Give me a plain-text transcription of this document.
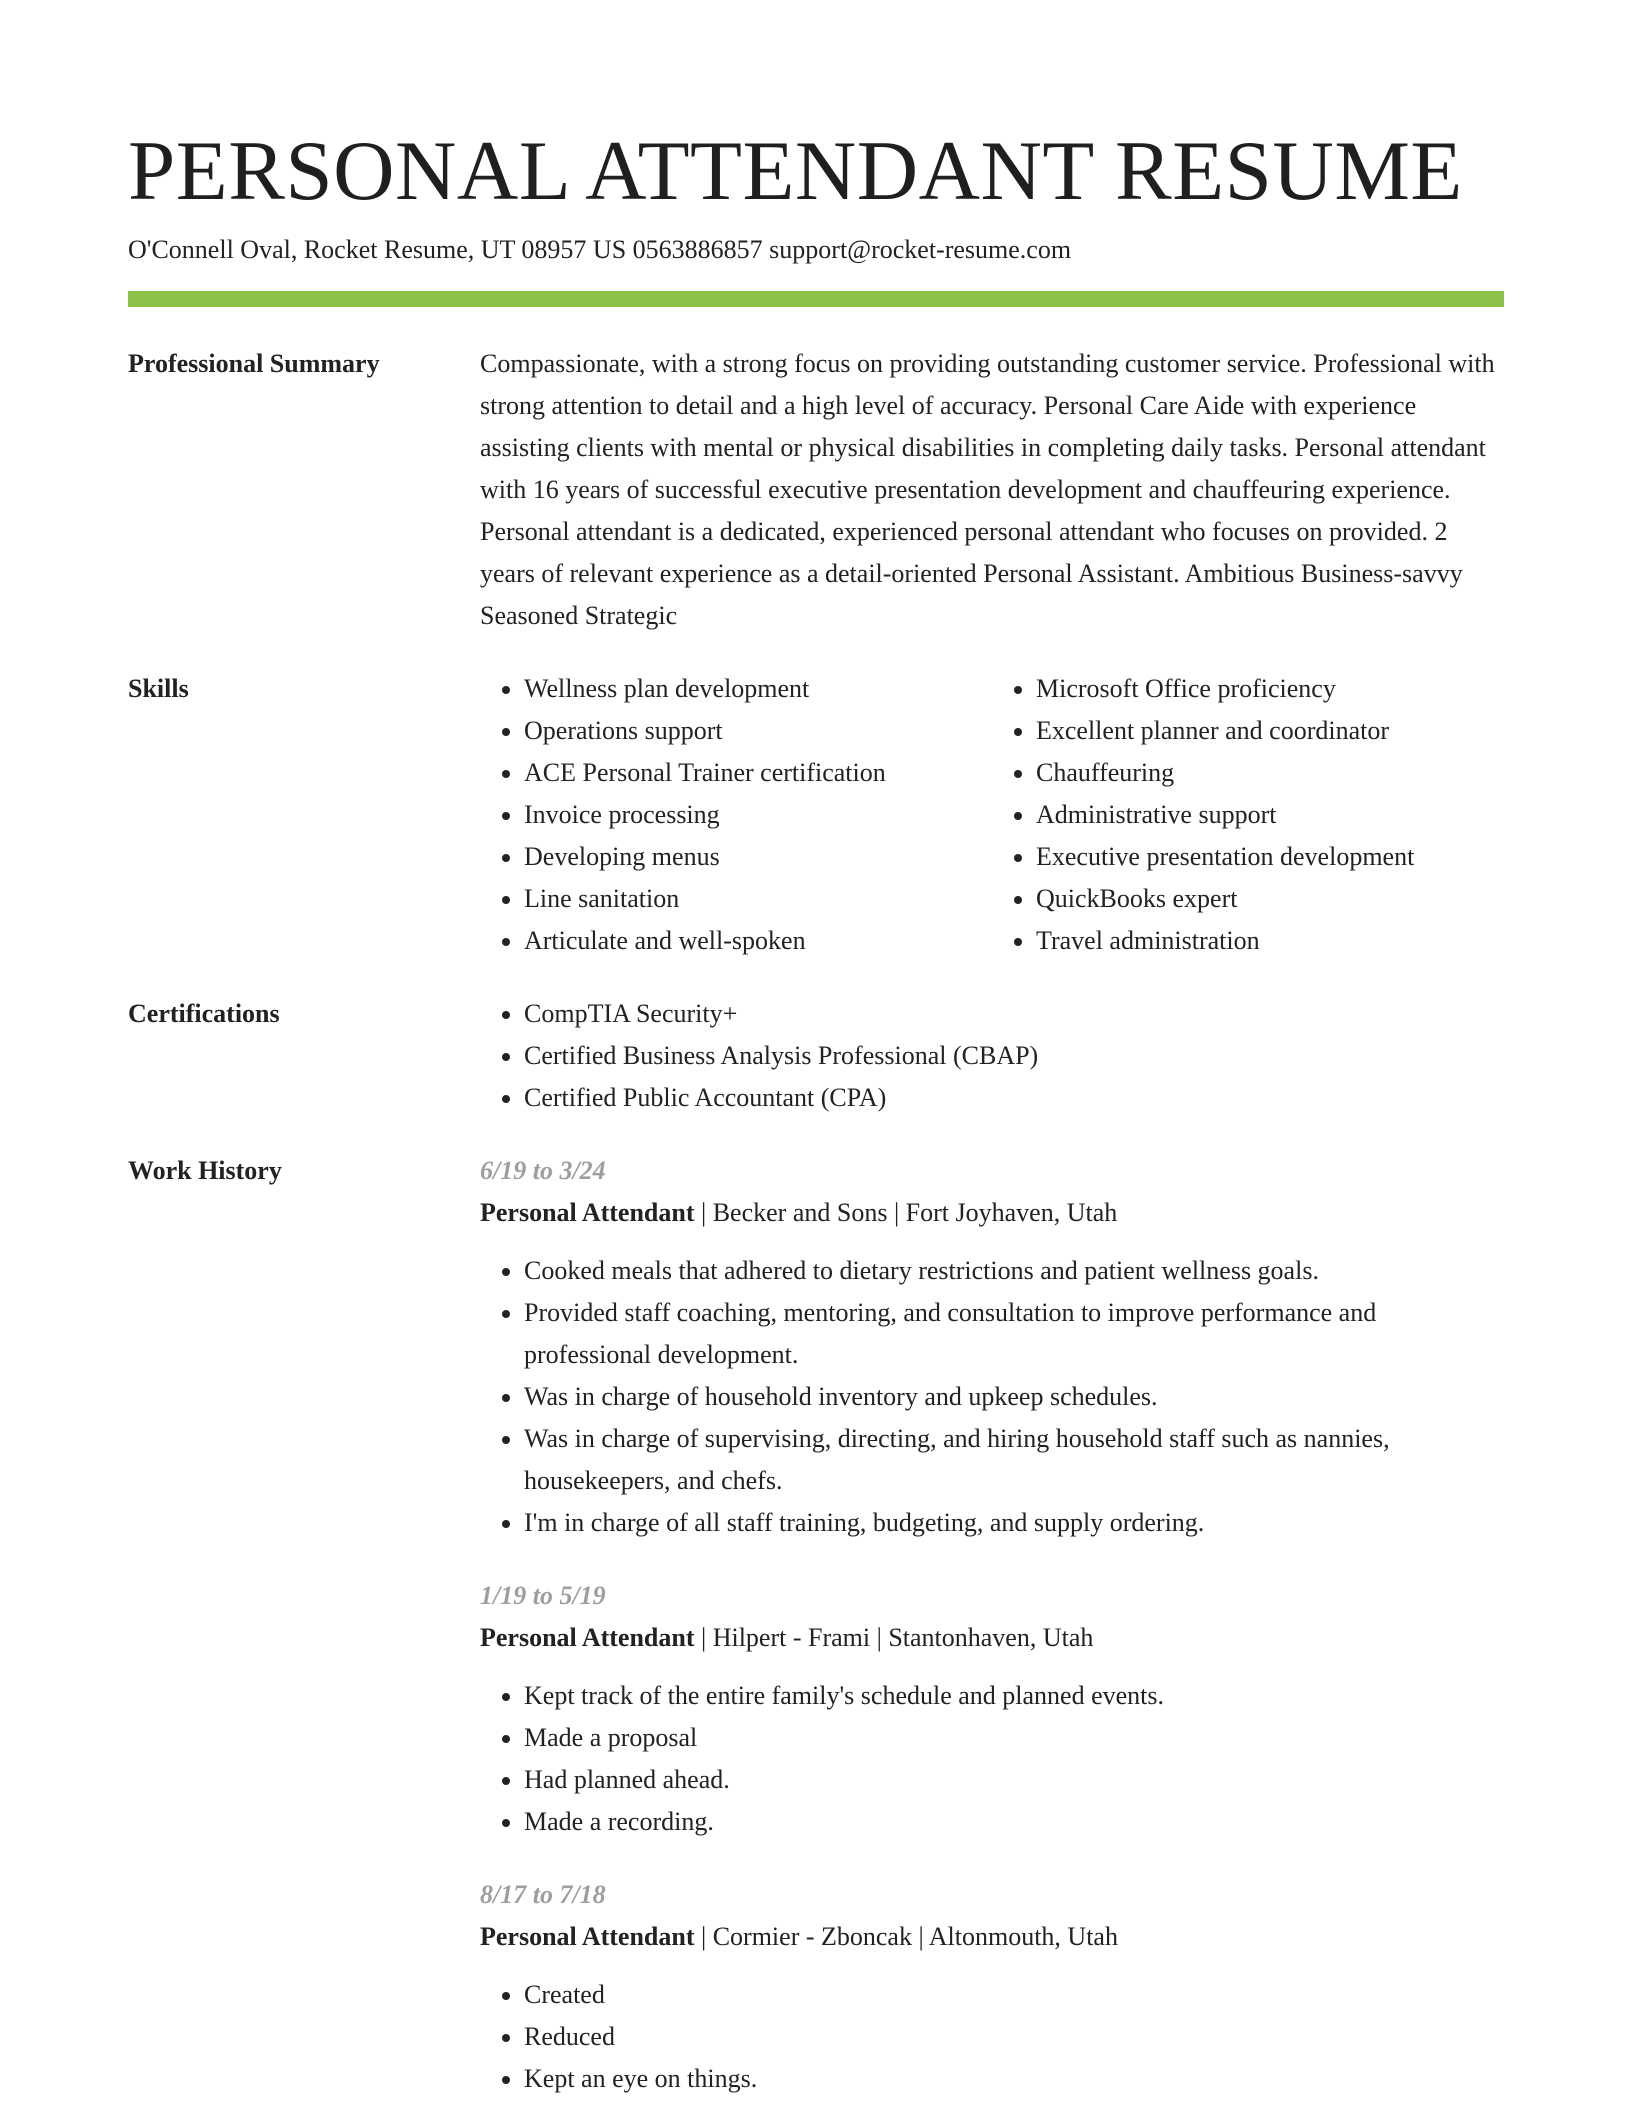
PERSONAL ATTENDANT RESUME
O'Connell Oval, Rocket Resume, UT 08957 US 0563886857 support@rocket-resume.com
Professional Summary	Compassionate, with a strong focus on providing outstanding customer service. Professional with strong attention to detail and a high level of accuracy. Personal Care Aide with experience assisting clients with mental or physical disabilities in completing daily tasks. Personal attendant with 16 years of successful executive presentation development and chauffeuring experience. Personal attendant is a dedicated, experienced personal attendant who focuses on provided. 2 years of relevant experience as a detail-oriented Personal Assistant. Ambitious Business-savvy Seasoned Strategic

Skills	• Wellness plan development
• Operations support
• ACE Personal Trainer certification
• Invoice processing
• Developing menus
• Line sanitation
• Articulate and well-spoken
• Microsoft Office proficiency
• Excellent planner and coordinator
• Chauffeuring
• Administrative support
• Executive presentation development
• QuickBooks expert
• Travel administration
Certifications	• CompTIA Security+
• Certified Business Analysis Professional (CBAP)
• Certified Public Accountant (CPA)
Work History	6/19 to 3/24
Personal Attendant | Becker and Sons | Fort Joyhaven, Utah
• Cooked meals that adhered to dietary restrictions and patient wellness goals.
• Provided staff coaching, mentoring, and consultation to improve performance and professional development.
• Was in charge of household inventory and upkeep schedules.
• Was in charge of supervising, directing, and hiring household staff such as nannies, housekeepers, and chefs.
• I'm in charge of all staff training, budgeting, and supply ordering.
1/19 to 5/19
Personal Attendant | Hilpert - Frami | Stantonhaven, Utah
• Kept track of the entire family's schedule and planned events.
• Made a proposal
• Had planned ahead.
• Made a recording.
8/17 to 7/18
Personal Attendant | Cormier - Zboncak | Altonmouth, Utah
• Created
• Reduced
• Kept an eye on things.
